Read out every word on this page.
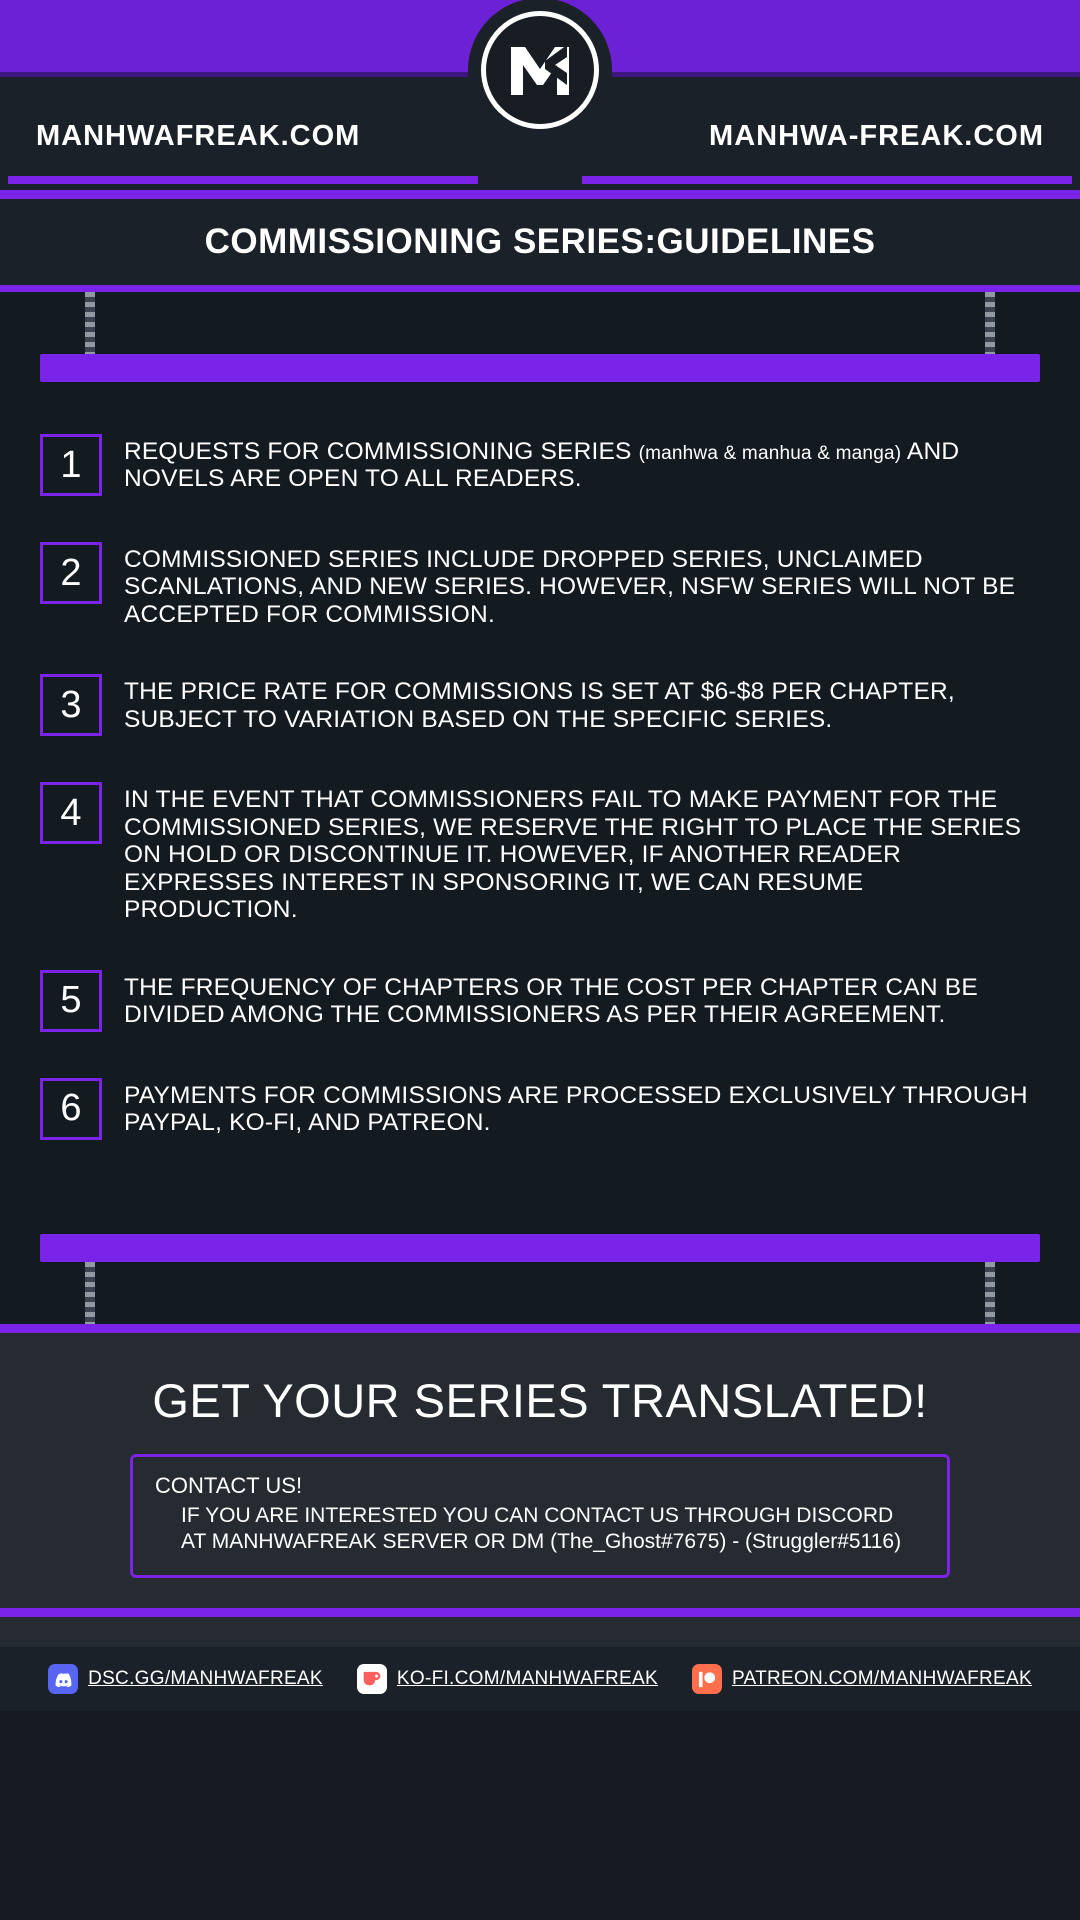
MANHWAFREAK.COM	MANHWA-FREAK.COM
COMMISSIONING SERIES:GUIDELINES
1	REQUESTS FOR COMMISSIONING SERIES (manhwa & manhua & manga) AND NOVELS ARE OPEN TO ALL READERS.
2	COMMISSIONED SERIES INCLUDE DROPPED SERIES, UNCLAIMED SCANLATIONS, AND NEW SERIES. HOWEVER, NSFW SERIES WILL NOT BE ACCEPTED FOR COMMISSION.
3	THE PRICE RATE FOR COMMISSIONS IS SET AT $6-$8 PER CHAPTER, SUBJECT TO VARIATION BASED ON THE SPECIFIC SERIES.
4	IN THE EVENT THAT COMMISSIONERS FAIL TO MAKE PAYMENT FOR THE COMMISSIONED SERIES, WE RESERVE THE RIGHT TO PLACE THE SERIES ON HOLD OR DISCONTINUE IT. HOWEVER, IF ANOTHER READER EXPRESSES INTEREST IN SPONSORING IT, WE CAN RESUME PRODUCTION.
5	THE FREQUENCY OF CHAPTERS OR THE COST PER CHAPTER CAN BE DIVIDED AMONG THE COMMISSIONERS AS PER THEIR AGREEMENT.
6	PAYMENTS FOR COMMISSIONS ARE PROCESSED EXCLUSIVELY THROUGH PAYPAL, KO-FI, AND PATREON.
GET YOUR SERIES TRANSLATED!
CONTACT US!
IF YOU ARE INTERESTED YOU CAN CONTACT US THROUGH DISCORD
AT MANHWAFREAK SERVER OR DM (The_Ghost#7675) - (Struggler#5116)
DSC.GG/MANHWAFREAK	KO-FI.COM/MANHWAFREAK	PATREON.COM/MANHWAFREAK
